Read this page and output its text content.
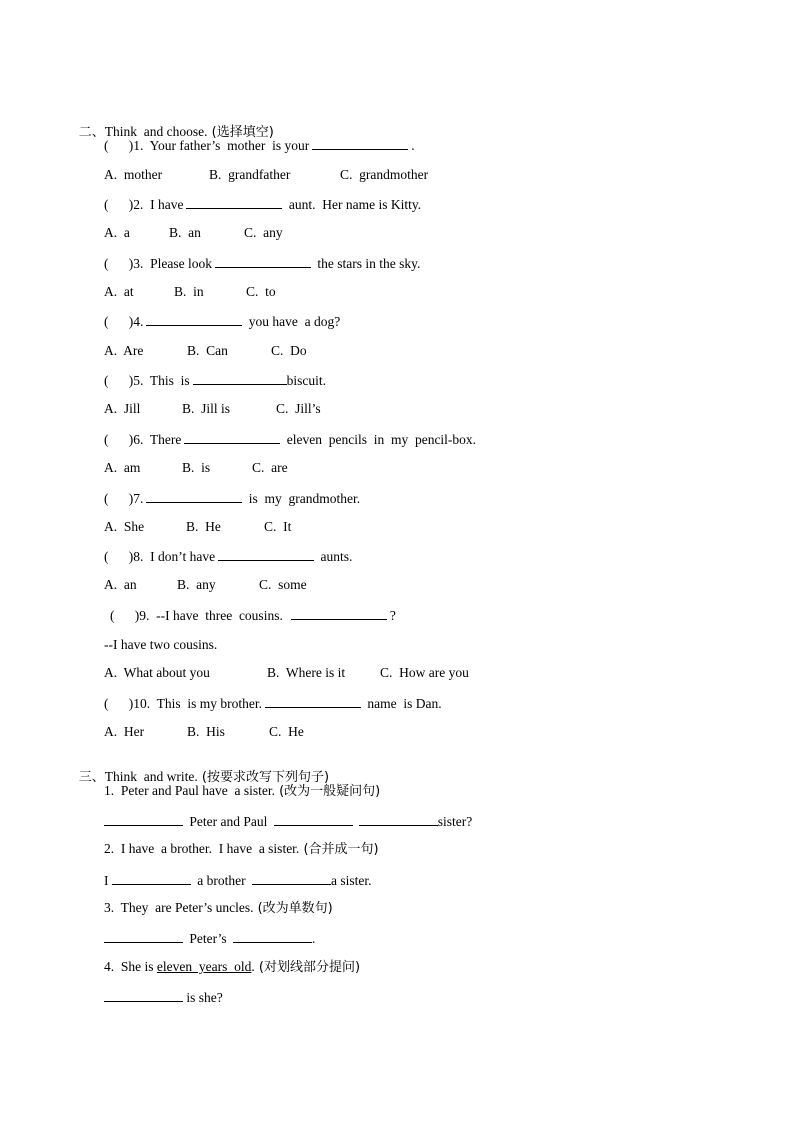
二、Think  and choose. (选择填空)

(      )1.  Your father’s  mother  is your	.
A.  mother	B.  grandfather	C.  grandmother
(      )2.  I have	aunt.  Her name is Kitty.
A.  a	B.  an	C.  any
(      )3.  Please look	the stars in the sky.
A.  at	B.  in	C.  to
(      )4.	you have  a dog?
A.  Are	B.  Can	C.  Do
(      )5.  This  is	biscuit.
A.  Jill	B.  Jill is	C.  Jill’s
(      )6.  There	eleven  pencils  in  my  pencil-box.
A.  am	B.  is	C.  are
(      )7.	is  my  grandmother.
A.  She	B.  He	C.  It
(      )8.  I don’t have	aunts.
A.  an	B.  any	C.  some
(      )9.  --I have  three  cousins.	?
--I have two cousins.
A.  What about you	B.  Where is it	C.  How are you
(      )10.  This  is my brother.	name  is Dan.
A.  Her	B.  His	C.  He

三、Think  and write. (按要求改写下列句子)

1.  Peter and Paul have  a sister. (改为一般疑问句)
Peter and Paul	sister?
2.  I have  a brother.  I have  a sister. (合并成一句)
I	a brother	a sister.
3.  They  are Peter’s uncles. (改为单数句)
Peter’s	.
4.  She is eleven  years  old. (对划线部分提问)
is she?
